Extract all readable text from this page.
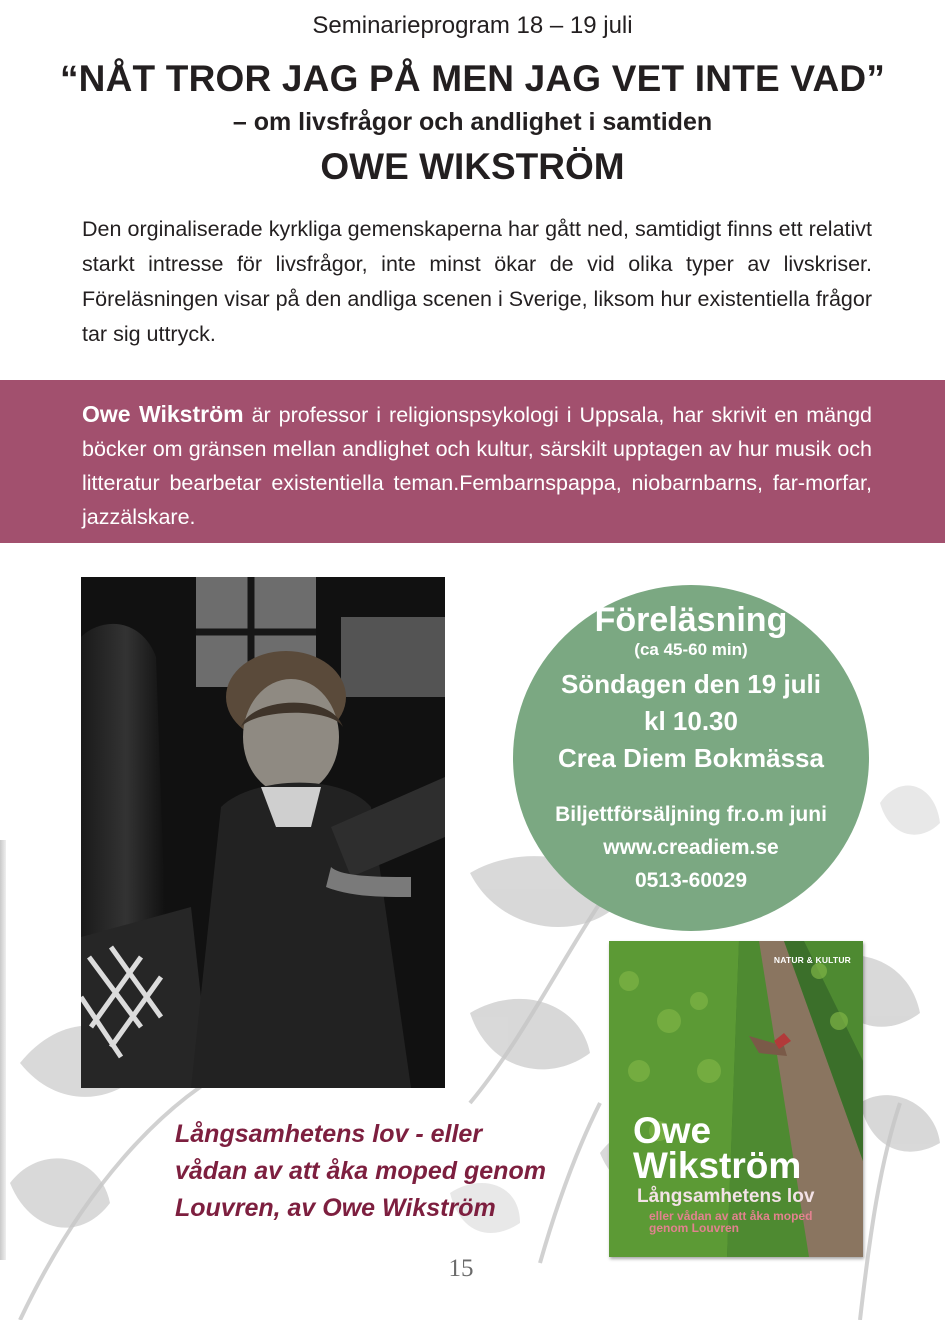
Seminarieprogram 18 – 19 juli
“NÅT TROR JAG PÅ MEN JAG VET INTE VAD”
– om livsfrågor och andlighet i samtiden
OWE WIKSTRÖM

Den orginaliserade kyrkliga gemenskaperna har gått ned, samtidigt finns ett relativt starkt intresse för livsfrågor, inte minst ökar de vid olika typer av livskriser. Föreläsningen visar på den andliga scenen i Sverige, liksom hur existentiella frågor tar sig uttryck.

Owe Wikström är professor i religionspsykologi i Uppsala, har skrivit en mängd böcker om gränsen mellan andlighet och kultur, särskilt upptagen av hur musik och litteratur bearbetar existentiella teman.Fembarnspappa, niobarnbarns, far-morfar, jazzälskare.

Föreläsning
(ca 45-60 min)
Söndagen den 19 juli
kl 10.30
Crea Diem Bokmässa
Biljettförsäljning fr.o.m juni
www.creadiem.se
0513-60029
Långsamhetens lov - eller
vådan av att åka moped genom
Louvren, av Owe Wikström
NATUR & KULTUR
Owe Wikström
Långsamhetens lov
eller vådan av att åka moped genom Louvren
15
